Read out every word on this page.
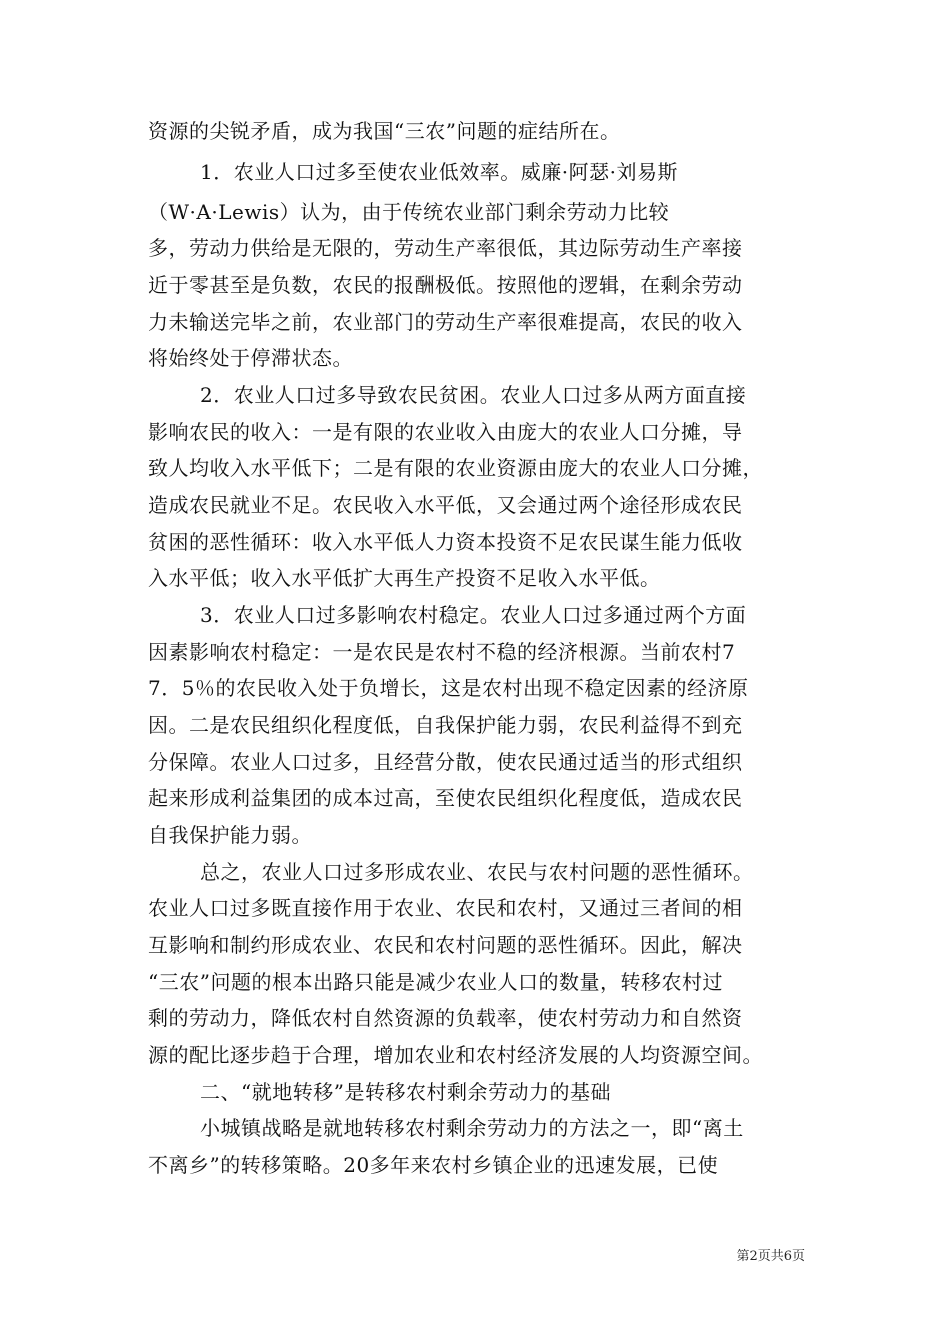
资源的尖锐矛盾，成为我国“三农”问题的症结所在。
1．农业人口过多至使农业低效率。威廉·阿瑟·刘易斯
（W·A·Lewis）认为，由于传统农业部门剩余劳动力比较
多，劳动力供给是无限的，劳动生产率很低，其边际劳动生产率接
近于零甚至是负数，农民的报酬极低。按照他的逻辑，在剩余劳动
力未输送完毕之前，农业部门的劳动生产率很难提高，农民的收入
将始终处于停滞状态。
2．农业人口过多导致农民贫困。农业人口过多从两方面直接
影响农民的收入：一是有限的农业收入由庞大的农业人口分摊，导
致人均收入水平低下；二是有限的农业资源由庞大的农业人口分摊，
造成农民就业不足。农民收入水平低，又会通过两个途径形成农民
贫困的恶性循环：收入水平低人力资本投资不足农民谋生能力低收
入水平低；收入水平低扩大再生产投资不足收入水平低。
3．农业人口过多影响农村稳定。农业人口过多通过两个方面
因素影响农村稳定：一是农民是农村不稳的经济根源。当前农村7
7．5％的农民收入处于负增长，这是农村出现不稳定因素的经济原
因。二是农民组织化程度低，自我保护能力弱，农民利益得不到充
分保障。农业人口过多，且经营分散，使农民通过适当的形式组织
起来形成利益集团的成本过高，至使农民组织化程度低，造成农民
自我保护能力弱。
总之，农业人口过多形成农业、农民与农村问题的恶性循环。
农业人口过多既直接作用于农业、农民和农村，又通过三者间的相
互影响和制约形成农业、农民和农村问题的恶性循环。因此，解决
“三农”问题的根本出路只能是减少农业人口的数量，转移农村过
剩的劳动力，降低农村自然资源的负载率，使农村劳动力和自然资
源的配比逐步趋于合理，增加农业和农村经济发展的人均资源空间。
二、“就地转移”是转移农村剩余劳动力的基础
小城镇战略是就地转移农村剩余劳动力的方法之一，即“离土
不离乡”的转移策略。20多年来农村乡镇企业的迅速发展，已使
第2页共6页
